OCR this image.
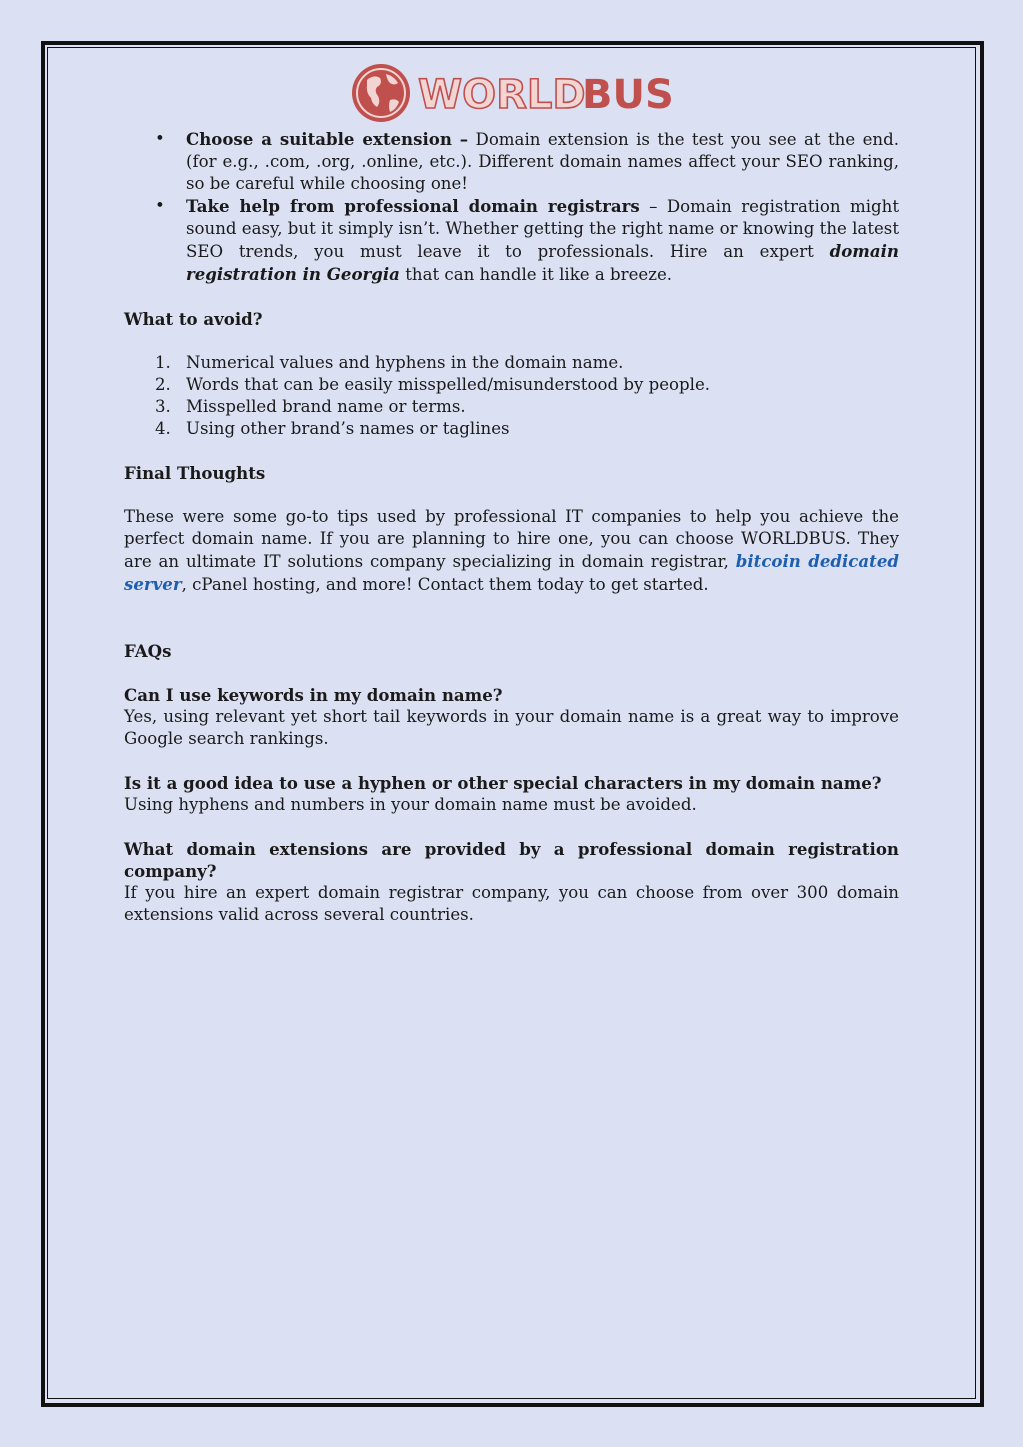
WORLD
BUS
• Choose a suitable extension – Domain extension is the test you see at the end. (for e.g., .com, .org, .online, etc.). Different domain names affect your SEO ranking, so be careful while choosing one!
• Take help from professional domain registrars – Domain registration might sound easy, but it simply isn’t. Whether getting the right name or knowing the latest SEO trends, you must leave it to professionals. Hire an expert domain registration in Georgia that can handle it like a breeze.
What to avoid?
1. Numerical values and hyphens in the domain name.
2. Words that can be easily misspelled/misunderstood by people.
3. Misspelled brand name or terms.
4. Using other brand’s names or taglines
Final Thoughts

These were some go-to tips used by professional IT companies to help you achieve the perfect domain name. If you are planning to hire one, you can choose WORLDBUS. They are an ultimate IT solutions company specializing in domain registrar, bitcoin dedicated server, cPanel hosting, and more! Contact them today to get started.

FAQs

Can I use keywords in my domain name?

Yes, using relevant yet short tail keywords in your domain name is a great way to improve Google search rankings.

Is it a good idea to use a hyphen or other special characters in my domain name?

Using hyphens and numbers in your domain name must be avoided.

What domain extensions are provided by a professional domain registration company?

If you hire an expert domain registrar company, you can choose from over 300 domain extensions valid across several countries.
